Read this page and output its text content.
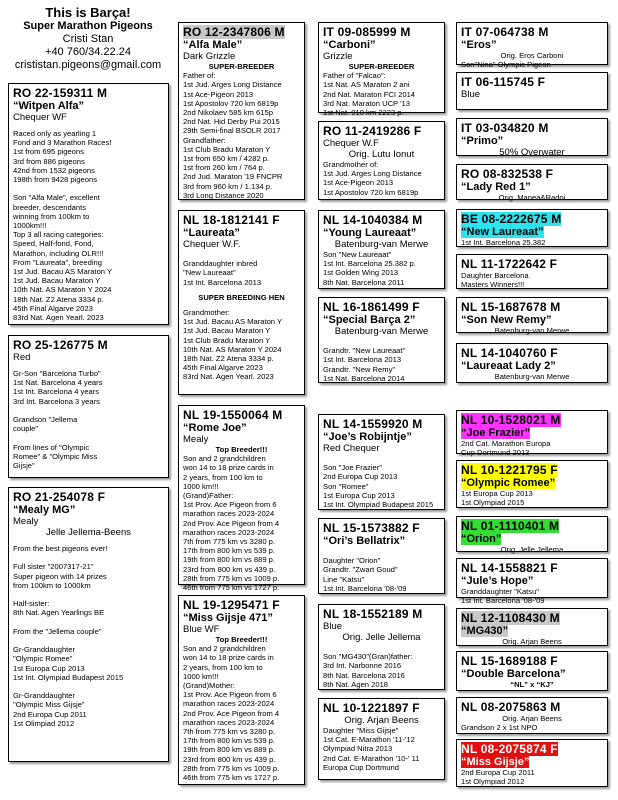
This is Barça!
Super Marathon Pigeons
Cristi Stan
+40 760/34.22.24
crististan.pigeons@gmail.com
RO 22-159311 M
“Witpen Alfa”
Chequer WF
Raced only as yearling 1
Fond and 3 Marathon Races!
1st from 695 pigeons
3rd from 886 pigeons
42nd from 1532 pigeons
198th from 9428 pigeons

Son "Alfa Male", excellent
breeder, descendants
winning from 100km to
1000km!!!
Top 3 all racing categories:
Speed, Half-fond, Fond,
Marathon, including OLR!!!
From "Laureata", breeding
1st Jud. Bacau AS Maraton Y
1st Jud. Bacau Maraton Y
10th Nat. AS Maraton Y 2024
18th Nat. Z2 Atena 3334 p.
45th Final Algarve 2023
83rd Nat. Agen Yearl. 2023
RO 25-126775 M
Red
Gr-Son "Barcelona Turbo"
1st Nat. Barcelona 4 years
1st Int. Barcelona 4 years
3rd Int. Barcelona 3 years

Grandson "Jellema
couple"

From lines of "Olympic
Romee" & "Olympic Miss
Gijsje"
RO 21-254078 F
“Mealy MG”
Mealy
Jelle Jellema-Beens
From the best pigeons ever!

Full sister "2007317-21"
Super pigeon with 14 prizes
from 100km to 1000km

Half-sister:
8th Nat. Agen Yearlings BE

From the "Jellema couple"

Gr-Granddaughter
"Olympic Romee"
1st Europa Cup 2013
1st Int. Olympiad Budapest 2015

Gr-Granddaughter
"Olympic Miss Gijsje"
2nd Europa Cup 2011
1st Olimpiad 2012
RO 12-2347806 M
“Alfa Male”
Dark Grizzle
SUPER-BREEDER
Father of:
1st Jud. Arges Long Distance
1st Ace-Pigeon 2013
1st Apostolov 720 km 6819p
2nd Nikolaev 585 km 615p
2nd Nat. Hid Derby Pui 2015
29th Semi-final BSOLR 2017
Grandfather:
1st Club Bradu Maraton Y
1st from 650 km / 4282 p.
1st from 260 km / 764 p.
2nd Jud. Maraton '19 FNCPR
3rd from 960 km / 1.134 p.
3rd Long Distance 2020
NL 18-1812141 F
“Laureata”
Chequer W.F.

Granddaughter inbred
"New Laureaat"
1st Int. Barcelona 2013
SUPER BREEDING HEN
Grandmother:
1st Jud. Bacau AS Maraton Y
1st Jud. Bacau Maraton Y
1st Club Bradu Maraton Y
10th Nat. AS Maraton Y 2024
18th Nat. Z2 Atena 3334 p.
45th Final Algarve 2023
83rd Nat. Agen Yearl. 2023
NL 19-1550064 M
“Rome Joe”
Mealy
Top Breeder!!!
Son and 2 grandchildren
won 14 to 18 prize cards in
2 years, from 100 km to
1000 km!!!
(Grand)Father:
1st Prov. Ace Pigeon from 6
marathon races 2023-2024
2nd Prov. Ace Pigeon from 4
marathon races 2023-2024
7th from 775 km vs 3280 p.
17th from 800 km vs 539 p.
19th from 800 km vs 889 p.
23rd from 800 km vs 439 p.
28th from 775 km vs 1009 p.
46th from 775 km vs 1727 p.
NL 19-1295471 F
“Miss Gijsje 471”
Blue WF
Top Breeder!!!
Son and 2 grandchildren
won 14 to 18 prize cards in
2 years, from 100 km to
1000 km!!!
(Grand)Mother:
1st Prov. Ace Pigeon from 6
marathon races 2023-2024
2nd Prov. Ace Pigeon from 4
marathon races 2023-2024
7th from 775 km vs 3280 p.
17th from 800 km vs 539 p.
19th from 800 km vs 889 p.
23rd from 800 km vs 439 p.
28th from 775 km vs 1009 p.
46th from 775 km vs 1727 p.
IT 09-085999 M
“Carboni”
Grizzle
SUPER-BREEDER
Father of "Falcao":
1st Nat. AS Maraton 2 ani
2nd Nat. Maraton FCI 2014
3rd Nat. Maraton UCP '13
1st Nat. 910 km 2223 p.
RO 11-2419286 F
Chequer W.F
Orig. Lutu Ionut
Grandmother of:
1st Jud. Arges Long Distance
1st Ace-Pigeon 2013
1st Apostolov 720 km 6819p
NL 14-1040384 M
“Young Laureaat”
Batenburg-van Merwe
Son "New Laureaat"
1st Int. Barcelona 25.382 p.
1st Golden Wing 2013
8th Nat. Barcelona 2011
NL 16-1861499 F
“Special Barça 2”
Batenburg-van Merwe

Grandtr. "New Laureaat"
1st Int. Barcelona 2013
Grandtr. "New Remy"
1st Nat. Barcelona 2014
NL 14-1559920 M
“Joe’s Robijntje”
Red Chequer

Son "Joe Frazier"
2nd Europa Cup 2013
Son "Romee"
1st Europa Cup 2013
1st Int. Olympiad Budapest 2015
NL 15-1573882 F
“Ori’s Bellatrix”

Daughter "Orion"
Grandtr. "Zwart Goud"
Line "Katsu"
1st Int. Barcelona '08-'09
NL 18-1552189 M
Blue
Orig. Jelle Jellema

Son "MG430"(Gran)father:
3rd Int. Narbonne 2016
8th Nat. Barcelona 2016
8th Nat. Agen 2018
NL 10-1221897 F
Orig. Arjan Beens
Daughter "Miss Gijsje"
1st Cat. E-Marathon '11-'12
Olympiad Nitra 2013
2nd Cat. E-Marathon '10-' 11
Europa Cup Dortmund
IT 07-064738 M
“Eros”
Orig. Eros Carboni
Son"Nina" Olympic Pigeon
IT 06-115745 F
Blue
IT 03-034820 M
“Primo”
50% Overwater
RO 08-832538 F
“Lady Red 1”
Orig. Manea&Radoi
BE 08-2222675 M
“New Laureaat”
1st Int. Barcelona 25.382
NL 11-1722642 F
Daughter Barcelona
Masters Winners!!!
NL 15-1687678 M
“Son New Remy”
Batenburg-van Merwe
NL 14-1040760 F
“Laureaat Lady 2”
Batenburg-van Merwe
NL 10-1528021 M
“Joe Frazier”
2nd Cat. Marathon Europa
Cup Dortmund 2013
NL 10-1221795 F
“Olympic Romee”
1st Europa Cup 2013
1st Olympiad 2015
NL 01-1110401 M
“Orion”
Orig. Jelle Jellema
NL 14-1558821 F
“Jule’s Hope”
Granddaughter "Katsu"
1st Int. Barcelona '08-'09
NL 12-1108430 M
“MG430”
Orig. Arjan Beens
NL 15-1689188 F
“Double Barcelona”
“NL” x “KJ”
NL 08-2075863 M
Orig. Arjan Beens
Grandson 2 x 1st NPO
NL 08-2075874 F
“Miss Gijsje”
2nd Europa Cup 2011
1st Olympiad 2012
